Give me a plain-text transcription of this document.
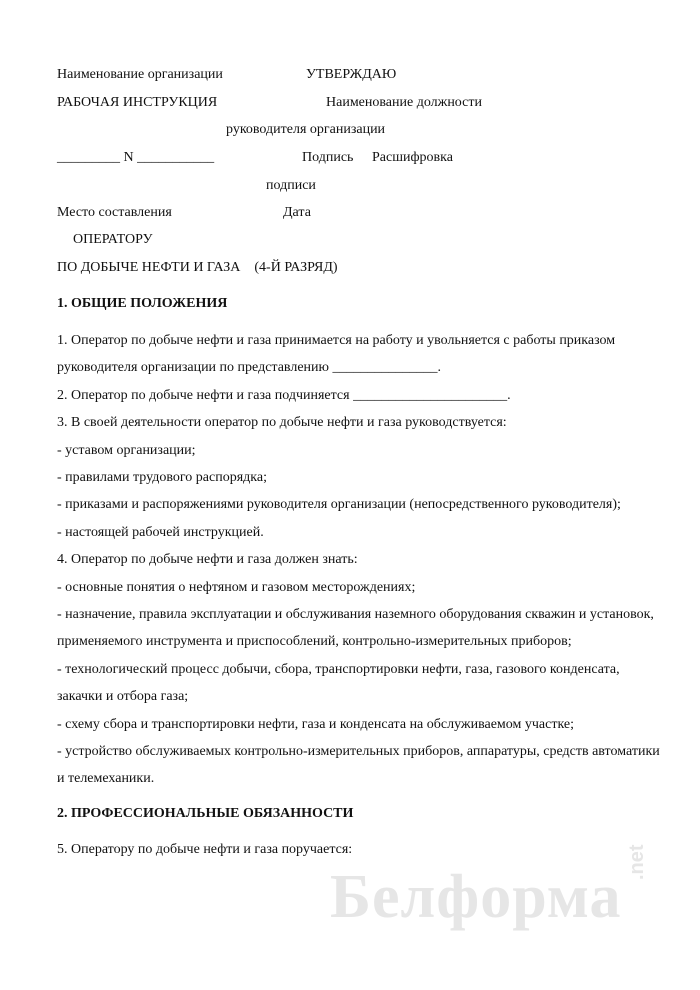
Белформа
.net
Наименование организации	УТВЕРЖДАЮ
РАБОЧАЯ ИНСТРУКЦИЯ	Наименование должности
руководителя организации
_________ N ___________	Подпись Расшифровка
подписи
Место составления	Дата
ОПЕРАТОРУ
ПО ДОБЫЧЕ НЕФТИ И ГАЗА    (4-Й РАЗРЯД)
1. ОБЩИЕ ПОЛОЖЕНИЯ
1. Оператор по добыче нефти и газа принимается на работу и увольняется с работы приказом
руководителя организации по представлению _______________.
2. Оператор по добыче нефти и газа подчиняется ______________________.
3. В своей деятельности оператор по добыче нефти и газа руководствуется:
- уставом организации;
- правилами трудового распорядка;
- приказами и распоряжениями руководителя организации (непосредственного руководителя);
- настоящей рабочей инструкцией.
4. Оператор по добыче нефти и газа должен знать:
- основные понятия о нефтяном и газовом месторождениях;
- назначение, правила эксплуатации и обслуживания наземного оборудования скважин и установок,
применяемого инструмента и приспособлений, контрольно-измерительных приборов;
- технологический процесс добычи, сбора, транспортировки нефти, газа, газового конденсата,
закачки и отбора газа;
- схему сбора и транспортировки нефти, газа и конденсата на обслуживаемом участке;
- устройство обслуживаемых контрольно-измерительных приборов, аппаратуры, средств автоматики
и телемеханики.
2. ПРОФЕССИОНАЛЬНЫЕ ОБЯЗАННОСТИ
5. Оператору по добыче нефти и газа поручается:
